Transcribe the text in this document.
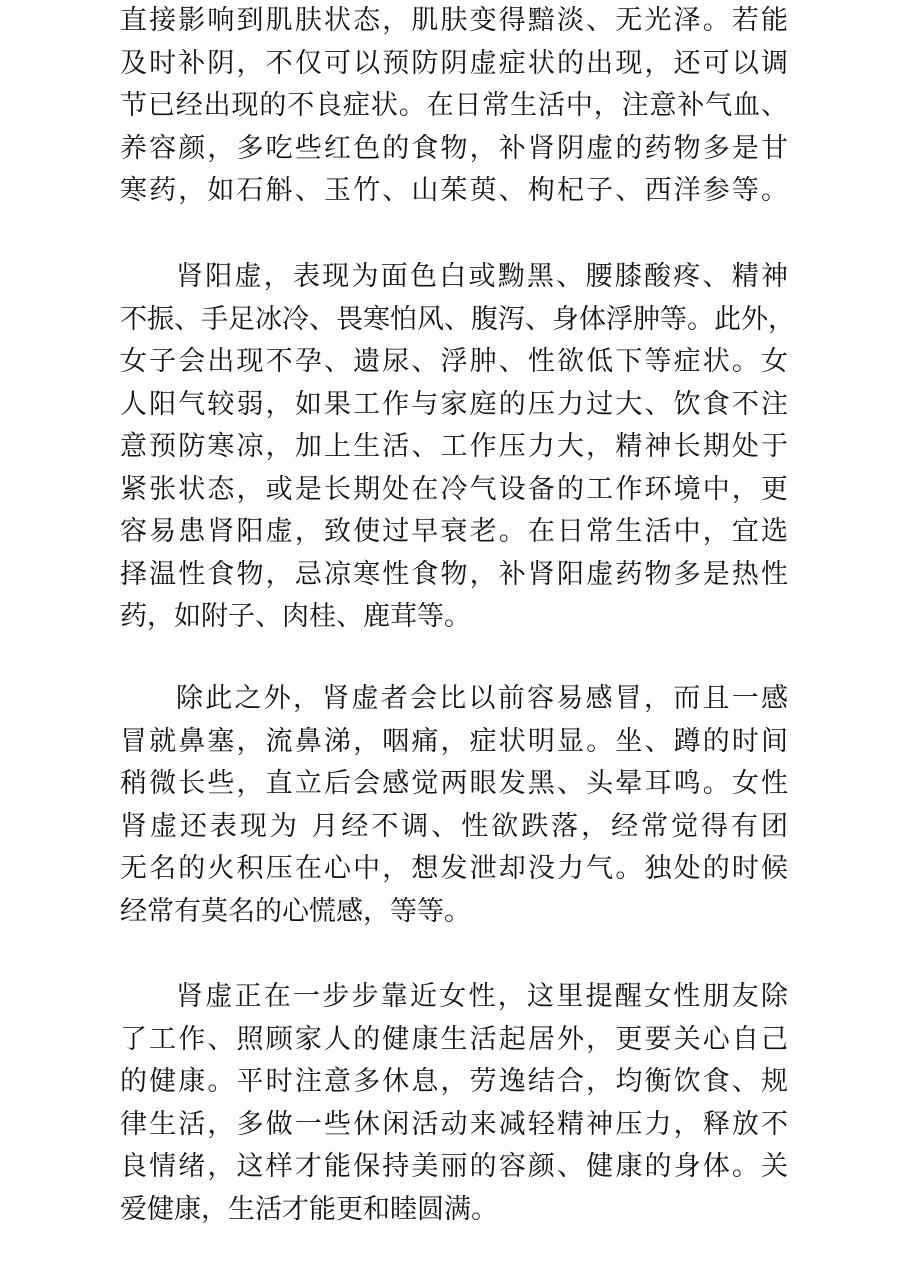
直接影响到肌肤状态，肌肤变得黯淡、无光泽。若能
及时补阴，不仅可以预防阴虚症状的出现，还可以调
节已经出现的不良症状。在日常生活中，注意补气血、
养容颜，多吃些红色的食物，补肾阴虚的药物多是甘
寒药，如石斛、玉竹、山茱萸、枸杞子、西洋参等。
肾阳虚，表现为面色白或黝黑、腰膝酸疼、精神
不振、手足冰冷、畏寒怕风、腹泻、身体浮肿等。此外，
女子会出现不孕、遗尿、浮肿、性欲低下等症状。女
人阳气较弱，如果工作与家庭的压力过大、饮食不注
意预防寒凉，加上生活、工作压力大，精神长期处于
紧张状态，或是长期处在冷气设备的工作环境中，更
容易患肾阳虚，致使过早衰老。在日常生活中，宜选
择温性食物，忌凉寒性食物，补肾阳虚药物多是热性
药，如附子、肉桂、鹿茸等。
除此之外，肾虚者会比以前容易感冒，而且一感
冒就鼻塞，流鼻涕，咽痛，症状明显。坐、蹲的时间
稍微长些，直立后会感觉两眼发黑、头晕耳鸣。女性
肾虚还表现为 月经不调、性欲跌落，经常觉得有团
无名的火积压在心中，想发泄却没力气。独处的时候
经常有莫名的心慌感，等等。
肾虚正在一步步靠近女性，这里提醒女性朋友除
了工作、照顾家人的健康生活起居外，更要关心自己
的健康。平时注意多休息，劳逸结合，均衡饮食、规
律生活，多做一些休闲活动来减轻精神压力，释放不
良情绪，这样才能保持美丽的容颜、健康的身体。关
爱健康，生活才能更和睦圆满。
